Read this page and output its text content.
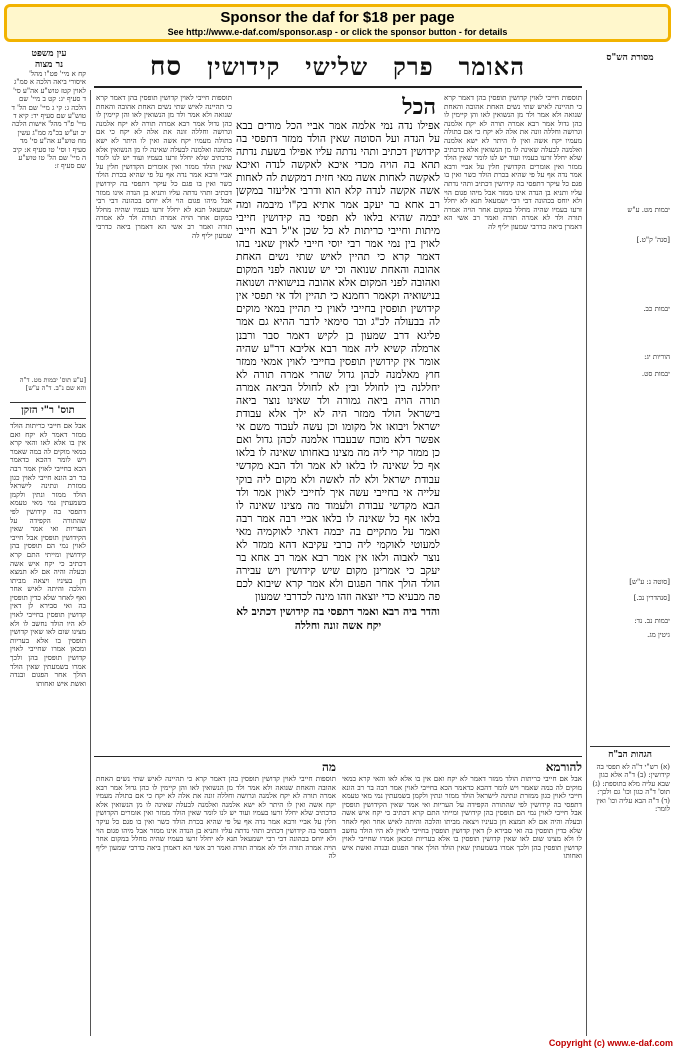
Sponsor the daf for $18 per page
See http://www.e-daf.com/sponsor.asp - or click the sponsor button - for details
עין משפט
נר מצוה
מסורת הש"ס
האומר
פרק
שלישי
קידושין
סח
קח א מיי' פט"ו מהל' איסורי ביאה הלכה א סמ"ג לאוין קטז טוש"ע אה"ע סי' ד סעיף יג: קט ב מיי' שם הלכה ג: קי ג מיי' שם הל' ד טוש"ע שם סעיף יד: קיא ד מיי' פ"ד מהל' אישות הלכה יב וע"ש בכ"מ סמ"ג עשין מח טוש"ע אה"ע סי' מד סעיף ו וסי' טו סעיף א: קיב ה מיי' שם הל' טו טוש"ע שם סעיף ז:
[ע"ע תוס' יבמות מט. ד"ה והא שם נ"ב. ד"ה ע"ש]
תוס' ר"י הזקן
אבל אם חייבי כריתות הולד ממזר דאמר לא יקח ואם אין בו אלא לאו והאי קרא במאי מוקים לה במה שאמר ויש לומר דהכא כדאמר הכא בחייבי לאוין אמר רבה בר רב הונא חייבי לאוין כגון ממזרת ונתינה לישראל הולד ממזר ונתין ולקמן בשמעתין נמי מאי טעמא דתפסי בה קידושין לפי שהתורה הקפידה על העריות ואי אמר שאין הקידושין תופסין אבל חייבי לאוין נמי הם תופסין בהן קידושין ומייתי התם קרא דכתיב כי יקח איש אשה ובעלה והיה אם לא תמצא חן בעיניו ויצאה מביתו והלכה והיתה לאיש אחר ואף לאחר שלא כדין תופסין בה ואי סבירא לן דאין קדושין תופסין בחייבי לאוין לא היו הולד נחשב לו ולא מצינו שום לאו שאין קדושין תופסין בו אלא בעריות ומכאן אמרו שחייבי לאוין קדושין תופסין בהן ולכך אמרו בשמעתין שאין הולד הולך אחר הפגום ובנדה ואשת איש ואחותו
תוספות חייבי לאוין קדושין תופסין בהן דאמר קרא כי תהיינה לאיש שתי נשים האחת אהובה והאחת שנואה ולא אמר ולד מן הנשואין לאו והן קיימין לו כהן גדול אמר רבא אמרה תורה לא יקח אלמנה וגרושה וחללה זונה את אלה לא יקח כי אם בתולה מעמיו יקח אשה ואין לו היתר לא ישא אלמנה ואלמנה לבעלה שאינה לו מן הנשואין אלא כדכתיב שלא יחלל זרעו בעמיו ועוד יש לנו לומר שאין הולד ממזר ואין אומרים הקדושין חלין על אביי ורבא אמר נדה אף על פי שהיא בכרת הולד כשר ואין בו פגם כל עיקר דתפסי בה קידושין דכתיב ותהי נדתה עליו ותניא בן הנדה אינו ממזר אבל מיהו פגום הוי ולא יוחס בכהונה דבי רבי ישמעאל תנא לא יחלל זרעו בעמיו שהיה מחלל במקום אחר הויה אמרה תורה ולד לא אמרה תורה ואמר רב אשי הא דאמרן ביאה כדרבי שמעון יליף לה
הכל
אפילו נדה נמי אלמה אמר אביי הכל מודים בבא על הנדה ועל הסוטה שאין הולד ממזר דתפסי בה קידושין דכתיב ותהי נדתה עליו אפילו בשעת נדתה תהא בה הויה מכדי איכא לאקשה לנדה ואיכא לאקשה לאחות אשה מאי חזית דמקשת לה לאחות אשה אקשה לנדה קלא הוא ודרבי אליעזר במקשן רב אחא בר יעקב אמר אתיא בק"ו מיבמה ומה יבמה שהיא בלאו לא תפסי בה קידושין חייבי מיתות וחייבי כריתות לא כל שכן א"ל רבא חייבי לאוין בין נמי אמר רבי יוסי חייבי לאוין שאני בהו דאמר קרא כי תהיין לאיש שתי נשים האחת אהובה והאחת שנואה וכי יש שנואה לפני המקום ואהובה לפני המקום אלא אהובה בנישואיה ושנואה בנישואיה וקאמר רחמנא כי תהיין ולד אי תפסי אין קידושין תופסין בחייבי לאוין כי תהיין במאי מוקים לה בבעולה לכ"ג ובר סימאי לדבר ההיא גם אמר פליגא דרב שמעון בן לקיש דאמר סבר ורבנן ארמלה קשיא ליה אמר רבא אליבא דר"ע שהיה אומר אין קידושין תופסין בחייבי לאוין אמאי ממזר חוץ מאלמנה לכהן גדול שהרי אמרה תורה לא יחללנה בין לחולל ובין לא לחולל הביאה אמרה תורה הויה ביאה גמורה ולד שאינו נוצר ביאה בישראל הולד ממזר היה לא ילך אלא עבודת ישראל ויבואו אל מקומו וכן עשה לעבוד משם אי אפשר דלא מוכח שבעבדו אלמנה לכהן גדול ואם כן ממזר קרי ליה מה מצינו באחותו שאינה לו בלאו אף כל שאינה לו בלאו לא אמר ולד הבא מקדשי עבודת ישראל ולא לה לאשה ולא מקום ליה בוקי עלייה אי בחייבי עשה איך לחייבי לאוין אמר ולד הבא מקדשי עבודת ולעמוד מה מצינו שאינה לו בלאו אף כל שאינה לו בלאו אביי רבה אמר רבה ואמר על מתקיים בה יבמה דאתי לאוקמיה מאי למעוטי לאוקמי ליה כרבי עקיבא דהא ממזר לא נוצר לאבוה ולאו אין אמר רבא אמר רב אחא בר יעקב כי אמרינן מקום שיש קידושין ויש עבירה הולד הולך אחר הפגום ולא אמר קרא שיבוא לכם פה מבעיא כדי יוצאה וזהו מינה לכדרבי שמעון
והדר ביה רבא ואמר דתפסי בה קידושין דכתיב לא יקח אשה זונה וחללה
תוספות חייבי לאוין קדושין תופסין בהן דאמר קרא כי תהיינה לאיש שתי נשים האחת אהובה והאחת שנואה ולא אמר ולד מן הנשואין לאו והן קיימין לו כהן גדול אמר רבא אמרה תורה לא יקח אלמנה וגרושה וחללה זונה את אלה לא יקח כי אם בתולה מעמיו יקח אשה ואין לו היתר לא ישא אלמנה ואלמנה לבעלה שאינה לו מן הנשואין אלא כדכתיב שלא יחלל זרעו בעמיו ועוד יש לנו לומר שאין הולד ממזר ואין אומרים הקדושין חלין על אביי ורבא אמר נדה אף על פי שהיא בכרת הולד כשר ואין בו פגם כל עיקר דתפסי בה קידושין דכתיב ותהי נדתה עליו ותניא בן הנדה אינו ממזר אבל מיהו פגום הוי ולא יוחס בכהונה דבי רבי ישמעאל תנא לא יחלל זרעו בעמיו שהיה מחלל במקום אחר הויה אמרה תורה ולד לא אמרה תורה ואמר רב אשי הא דאמרן ביאה כדרבי שמעון יליף לה
יבמות מט. ע"ש
[סנה' ק"ט.]
יבמות כב.
הוריות יג:
יבמות סט.
[סוטה נ: ע"ש]
[סנהדרין נב.]
יבמות נב. נד:
גיטין מג.
הגהות הב"ח
(א) רש"י ד"ה לא תפסי בה קידושין: (ב) ד"ה אלא כגון שבא עליה מלא בתוספת: (ג) תוס' ד"ה כגון וכו' גם ולכך: (ד) ד"ה הבא עליה וכו' ואין לומר:
להורמא
אבל אם חייבי כריתות הולד ממזר דאמר לא יקח ואם אין בו אלא לאו והאי קרא במאי מוקים לה במה שאמר ויש לומר דהכא כדאמר הכא בחייבי לאוין אמר רבה בר רב הונא חייבי לאוין כגון ממזרת ונתינה לישראל הולד ממזר ונתין ולקמן בשמעתין נמי מאי טעמא דתפסי בה קידושין לפי שהתורה הקפידה על העריות ואי אמר שאין הקידושין תופסין אבל חייבי לאוין נמי הם תופסין בהן קידושין ומייתי התם קרא דכתיב כי יקח איש אשה ובעלה והיה אם לא תמצא חן בעיניו ויצאה מביתו והלכה והיתה לאיש אחר ואף לאחר שלא כדין תופסין בה ואי סבירא לן דאין קדושין תופסין בחייבי לאוין לא היו הולד נחשב לו ולא מצינו שום לאו שאין קדושין תופסין בו אלא בעריות ומכאן אמרו שחייבי לאוין קדושין תופסין בהן ולכך אמרו בשמעתין שאין הולד הולך אחר הפגום ובנדה ואשת איש ואחותו
מה
תוספות חייבי לאוין קדושין תופסין בהן דאמר קרא כי תהיינה לאיש שתי נשים האחת אהובה והאחת שנואה ולא אמר ולד מן הנשואין לאו והן קיימין לו כהן גדול אמר רבא אמרה תורה לא יקח אלמנה וגרושה וחללה זונה את אלה לא יקח כי אם בתולה מעמיו יקח אשה ואין לו היתר לא ישא אלמנה ואלמנה לבעלה שאינה לו מן הנשואין אלא כדכתיב שלא יחלל זרעו בעמיו ועוד יש לנו לומר שאין הולד ממזר ואין אומרים הקדושין חלין על אביי ורבא אמר נדה אף על פי שהיא בכרת הולד כשר ואין בו פגם כל עיקר דתפסי בה קידושין דכתיב ותהי נדתה עליו ותניא בן הנדה אינו ממזר אבל מיהו פגום הוי ולא יוחס בכהונה דבי רבי ישמעאל תנא לא יחלל זרעו בעמיו שהיה מחלל במקום אחר הויה אמרה תורה ולד לא אמרה תורה ואמר רב אשי הא דאמרן ביאה כדרבי שמעון יליף לה
Copyright (c) www.e-daf.com
